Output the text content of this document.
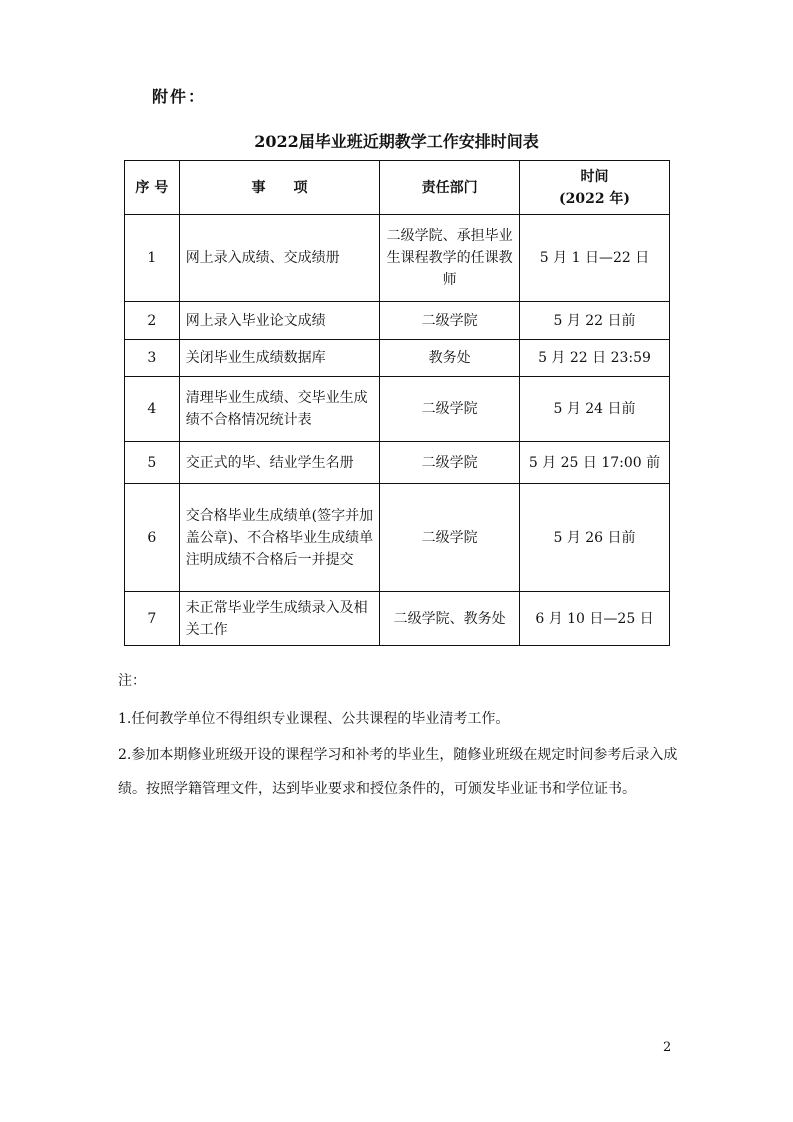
附件：
2022届毕业班近期教学工作安排时间表
序 号	事　　项	责任部门	时间
(2022 年)

1	网上录入成绩、交成绩册	二级学院、承担毕业生课程教学的任课教师	5 月 1 日—22 日
2	网上录入毕业论文成绩	二级学院	5 月 22 日前
3	关闭毕业生成绩数据库	教务处	5 月 22 日 23:59
4	清理毕业生成绩、交毕业生成绩不合格情况统计表	二级学院	5 月 24 日前
5	交正式的毕、结业学生名册	二级学院	5 月 25 日 17:00 前
6	交合格毕业生成绩单(签字并加盖公章)、不合格毕业生成绩单注明成绩不合格后一并提交	二级学院	5 月 26 日前
7	未正常毕业学生成绩录入及相关工作	二级学院、教务处	6 月 10 日—25 日

注：

1.任何教学单位不得组织专业课程、公共课程的毕业清考工作。

2.参加本期修业班级开设的课程学习和补考的毕业生，随修业班级在规定时间参考后录入成绩。按照学籍管理文件，达到毕业要求和授位条件的，可颁发毕业证书和学位证书。

2
